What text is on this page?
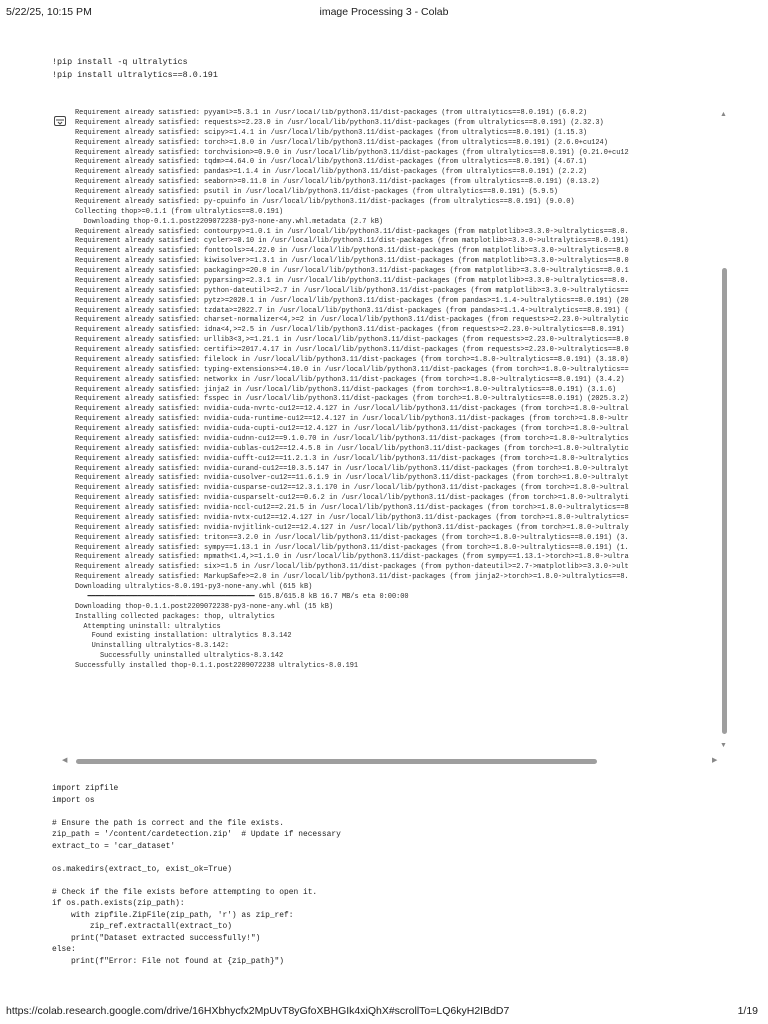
5/22/25, 10:15 PM	image Processing 3 - Colab
!pip install -q ultralytics
!pip install ultralytics==8.0.191
Requirement already satisfied: pyyaml>=5.3.1 in /usr/local/lib/python3.11/dist-packages (from ultralytics==8.0.191) (6.0.2)
Requirement already satisfied: requests>=2.23.0 in /usr/local/lib/python3.11/dist-packages (from ultralytics==8.0.191) (2.32.3)
Requirement already satisfied: scipy>=1.4.1 in /usr/local/lib/python3.11/dist-packages (from ultralytics==8.0.191) (1.15.3)
Requirement already satisfied: torch>=1.8.0 in /usr/local/lib/python3.11/dist-packages (from ultralytics==8.0.191) (2.6.0+cu124)
Requirement already satisfied: torchvision>=0.9.0 in /usr/local/lib/python3.11/dist-packages (from ultralytics==8.0.191) (0.21.0+cu12
Requirement already satisfied: tqdm>=4.64.0 in /usr/local/lib/python3.11/dist-packages (from ultralytics==8.0.191) (4.67.1)
Requirement already satisfied: pandas>=1.1.4 in /usr/local/lib/python3.11/dist-packages (from ultralytics==8.0.191) (2.2.2)
Requirement already satisfied: seaborn>=0.11.0 in /usr/local/lib/python3.11/dist-packages (from ultralytics==8.0.191) (0.13.2)
Requirement already satisfied: psutil in /usr/local/lib/python3.11/dist-packages (from ultralytics==8.0.191) (5.9.5)
Requirement already satisfied: py-cpuinfo in /usr/local/lib/python3.11/dist-packages (from ultralytics==8.0.191) (9.0.0)
Collecting thop>=0.1.1 (from ultralytics==8.0.191)
Downloading thop-0.1.1.post2209072238-py3-none-any.whl.metadata (2.7 kB)
Requirement already satisfied: contourpy>=1.0.1 in /usr/local/lib/python3.11/dist-packages (from matplotlib>=3.3.0->ultralytics==8.0.
Requirement already satisfied: cycler>=0.10 in /usr/local/lib/python3.11/dist-packages (from matplotlib>=3.3.0->ultralytics==8.0.191)
Requirement already satisfied: fonttools>=4.22.0 in /usr/local/lib/python3.11/dist-packages (from matplotlib>=3.3.0->ultralytics==8.0
Requirement already satisfied: kiwisolver>=1.3.1 in /usr/local/lib/python3.11/dist-packages (from matplotlib>=3.3.0->ultralytics==8.0
Requirement already satisfied: packaging>=20.0 in /usr/local/lib/python3.11/dist-packages (from matplotlib>=3.3.0->ultralytics==8.0.1
Requirement already satisfied: pyparsing>=2.3.1 in /usr/local/lib/python3.11/dist-packages (from matplotlib>=3.3.0->ultralytics==8.0.
Requirement already satisfied: python-dateutil>=2.7 in /usr/local/lib/python3.11/dist-packages (from matplotlib>=3.3.0->ultralytics==
Requirement already satisfied: pytz>=2020.1 in /usr/local/lib/python3.11/dist-packages (from pandas>=1.1.4->ultralytics==8.0.191) (20
Requirement already satisfied: tzdata>=2022.7 in /usr/local/lib/python3.11/dist-packages (from pandas>=1.1.4->ultralytics==8.0.191) (
Requirement already satisfied: charset-normalizer<4,>=2 in /usr/local/lib/python3.11/dist-packages (from requests>=2.23.0->ultralytic
Requirement already satisfied: idna<4,>=2.5 in /usr/local/lib/python3.11/dist-packages (from requests>=2.23.0->ultralytics==8.0.191)
Requirement already satisfied: urllib3<3,>=1.21.1 in /usr/local/lib/python3.11/dist-packages (from requests>=2.23.0->ultralytics==8.0
Requirement already satisfied: certifi>=2017.4.17 in /usr/local/lib/python3.11/dist-packages (from requests>=2.23.0->ultralytics==8.0
Requirement already satisfied: filelock in /usr/local/lib/python3.11/dist-packages (from torch>=1.8.0->ultralytics==8.0.191) (3.18.0)
Requirement already satisfied: typing-extensions>=4.10.0 in /usr/local/lib/python3.11/dist-packages (from torch>=1.8.0->ultralytics==
Requirement already satisfied: networkx in /usr/local/lib/python3.11/dist-packages (from torch>=1.8.0->ultralytics==8.0.191) (3.4.2)
Requirement already satisfied: jinja2 in /usr/local/lib/python3.11/dist-packages (from torch>=1.8.0->ultralytics==8.0.191) (3.1.6)
Requirement already satisfied: fsspec in /usr/local/lib/python3.11/dist-packages (from torch>=1.8.0->ultralytics==8.0.191) (2025.3.2)
Requirement already satisfied: nvidia-cuda-nvrtc-cu12==12.4.127 in /usr/local/lib/python3.11/dist-packages (from torch>=1.8.0->ultral
Requirement already satisfied: nvidia-cuda-runtime-cu12==12.4.127 in /usr/local/lib/python3.11/dist-packages (from torch>=1.8.0->ultr
Requirement already satisfied: nvidia-cuda-cupti-cu12==12.4.127 in /usr/local/lib/python3.11/dist-packages (from torch>=1.8.0->ultral
Requirement already satisfied: nvidia-cudnn-cu12==9.1.0.70 in /usr/local/lib/python3.11/dist-packages (from torch>=1.8.0->ultralytics
Requirement already satisfied: nvidia-cublas-cu12==12.4.5.8 in /usr/local/lib/python3.11/dist-packages (from torch>=1.8.0->ultralytic
Requirement already satisfied: nvidia-cufft-cu12==11.2.1.3 in /usr/local/lib/python3.11/dist-packages (from torch>=1.8.0->ultralytics
Requirement already satisfied: nvidia-curand-cu12==10.3.5.147 in /usr/local/lib/python3.11/dist-packages (from torch>=1.8.0->ultralyt
Requirement already satisfied: nvidia-cusolver-cu12==11.6.1.9 in /usr/local/lib/python3.11/dist-packages (from torch>=1.8.0->ultralyt
Requirement already satisfied: nvidia-cusparse-cu12==12.3.1.170 in /usr/local/lib/python3.11/dist-packages (from torch>=1.8.0->ultral
Requirement already satisfied: nvidia-cusparselt-cu12==0.6.2 in /usr/local/lib/python3.11/dist-packages (from torch>=1.8.0->ultralyti
Requirement already satisfied: nvidia-nccl-cu12==2.21.5 in /usr/local/lib/python3.11/dist-packages (from torch>=1.8.0->ultralytics==8
Requirement already satisfied: nvidia-nvtx-cu12==12.4.127 in /usr/local/lib/python3.11/dist-packages (from torch>=1.8.0->ultralytics=
Requirement already satisfied: nvidia-nvjitlink-cu12==12.4.127 in /usr/local/lib/python3.11/dist-packages (from torch>=1.8.0->ultraly
Requirement already satisfied: triton==3.2.0 in /usr/local/lib/python3.11/dist-packages (from torch>=1.8.0->ultralytics==8.0.191) (3.
Requirement already satisfied: sympy==1.13.1 in /usr/local/lib/python3.11/dist-packages (from torch>=1.8.0->ultralytics==8.0.191) (1.
Requirement already satisfied: mpmath<1.4,>=1.1.0 in /usr/local/lib/python3.11/dist-packages (from sympy==1.13.1->torch>=1.8.0->ultra
Requirement already satisfied: six>=1.5 in /usr/local/lib/python3.11/dist-packages (from python-dateutil>=2.7->matplotlib>=3.3.0->ult
Requirement already satisfied: MarkupSafe>=2.0 in /usr/local/lib/python3.11/dist-packages (from jinja2->torch>=1.8.0->ultralytics==8.
Downloading ultralytics-8.0.191-py3-none-any.whl (615 kB)
━━━━━━━━━━━━━━━━━━━━━━━━━━━━━━━━━━━━━━━━ 615.8/615.8 kB 16.7 MB/s eta 0:00:00
Downloading thop-0.1.1.post2209072238-py3-none-any.whl (15 kB)
Installing collected packages: thop, ultralytics
Attempting uninstall: ultralytics
Found existing installation: ultralytics 8.3.142
Uninstalling ultralytics-8.3.142:
Successfully uninstalled ultralytics-8.3.142
Successfully installed thop-0.1.1.post2209072238 ultralytics-8.0.191
▲
▼
◀	▶
import zipfile
import os

# Ensure the path is correct and the file exists.
zip_path = '/content/cardetection.zip'  # Update if necessary
extract_to = 'car_dataset'

os.makedirs(extract_to, exist_ok=True)

# Check if the file exists before attempting to open it.
if os.path.exists(zip_path):
with zipfile.ZipFile(zip_path, 'r') as zip_ref:
zip_ref.extractall(extract_to)
print("Dataset extracted successfully!")
else:
print(f"Error: File not found at {zip_path}")
https://colab.research.google.com/drive/16HXbhycfx2MpUvT8yGfoXBHGIk4xiQhX#scrollTo=LQ6kyH2IBdD7	1/19
